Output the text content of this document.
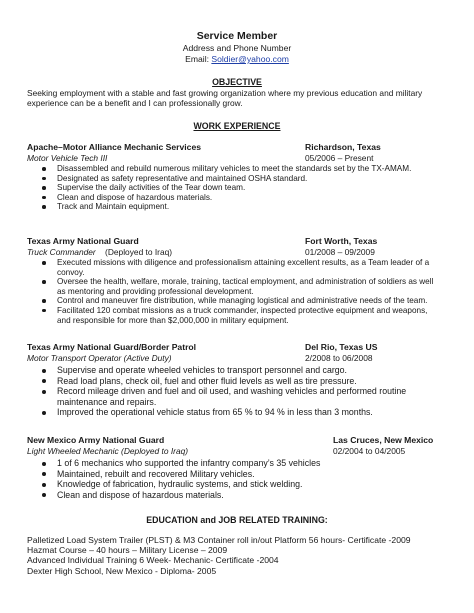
Service Member
Address and Phone Number
Email: Soldier@yahoo.com
OBJECTIVE
Seeking employment with a stable and fast growing organization where my previous education and military experience can be a benefit and I can professionally grow.
WORK EXPERIENCE
Apache–Motor Alliance Mechanic Services	Richardson, Texas
Motor Vehicle Tech III	05/2006 – Present
Disassembled and rebuild numerous military vehicles to meet the standards set by the TX-AMAM.
Designated as safety representative and maintained OSHA standard.
Supervise the daily activities of the Tear down team.
Clean and dispose of hazardous materials.
Track and Maintain equipment.
Texas Army National Guard	Fort Worth, Texas
Truck Commander (Deployed to Iraq)	01/2008 – 09/2009
Executed missions with diligence and professionalism attaining excellent results, as a Team leader of a convoy.
Oversee the health, welfare, morale, training, tactical employment, and administration of soldiers as well as mentoring and providing professional development.
Control and maneuver fire distribution, while managing logistical and administrative needs of the team.
Facilitated 120 combat missions as a truck commander, inspected protective equipment and weapons, and responsible for more than $2,000,000 in military equipment.
Texas Army National Guard/Border Patrol	Del Rio, Texas US
Motor Transport Operator (Active Duty)	2/2008 to 06/2008
Supervise and operate wheeled vehicles to transport personnel and cargo.
Read load plans, check oil, fuel and other fluid levels as well as tire pressure.
Record mileage driven and fuel and oil used, and washing vehicles and performed routine maintenance and repairs.
Improved the operational vehicle status from 65 % to 94 % in less than 3 months.
New Mexico Army National Guard	Las Cruces, New Mexico
Light Wheeled Mechanic (Deployed to Iraq)	02/2004 to 04/2005
1 of 6 mechanics who supported the infantry company’s 35 vehicles
Maintained, rebuilt and recovered Military vehicles.
Knowledge of fabrication, hydraulic systems, and stick welding.
Clean and dispose of hazardous materials.
EDUCATION and JOB RELATED TRAINING:
Palletized Load System Trailer (PLST) & M3 Container roll in/out Platform 56 hours- Certificate -2009
Hazmat Course – 40 hours – Military License – 2009
Advanced Individual Training 6 Week- Mechanic- Certificate -2004
Dexter High School, New Mexico - Diploma- 2005
